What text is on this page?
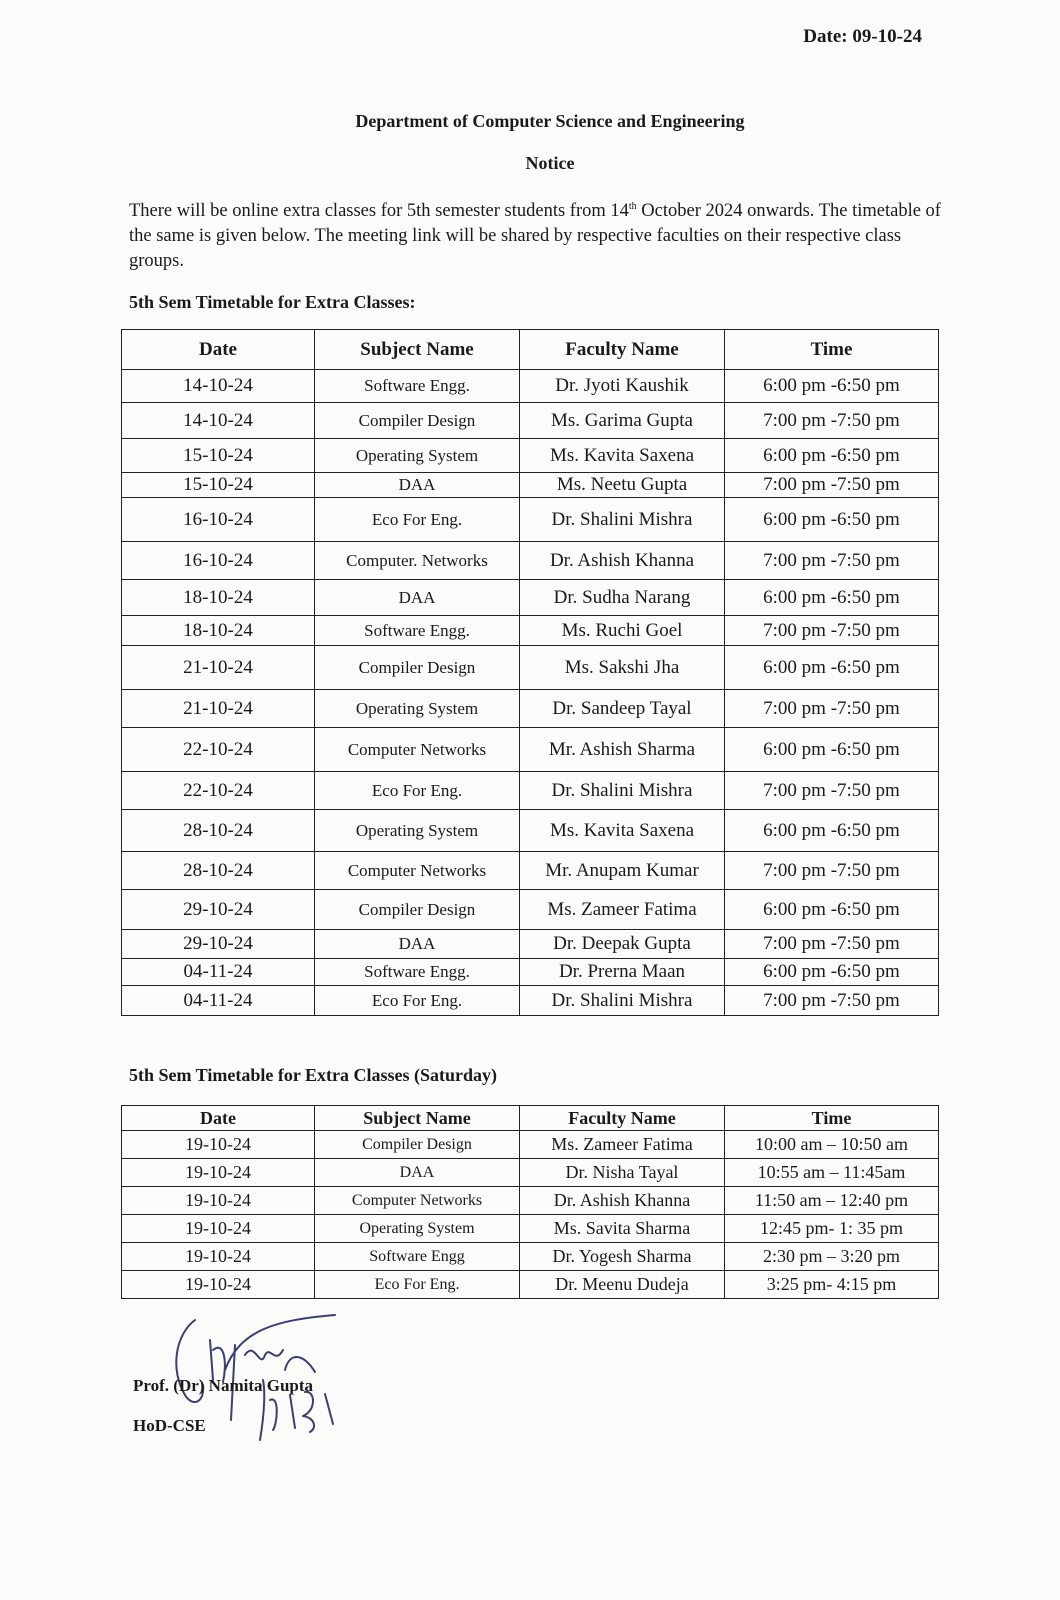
Date: 09-10-24
Department of Computer Science and Engineering
Notice
There will be online extra classes for 5th semester students from 14th October 2024 onwards. The timetable of the same is given below. The meeting link will be shared by respective faculties on their respective class groups.
5th Sem Timetable for Extra Classes:
Date	Subject Name	Faculty Name	Time
14-10-24	Software Engg.	Dr. Jyoti Kaushik	6:00 pm -6:50 pm
14-10-24	Compiler Design	Ms. Garima Gupta	7:00 pm -7:50 pm
15-10-24	Operating System	Ms. Kavita Saxena	6:00 pm -6:50 pm
15-10-24	DAA	Ms. Neetu Gupta	7:00 pm -7:50 pm
16-10-24	Eco For Eng.	Dr. Shalini Mishra	6:00 pm -6:50 pm
16-10-24	Computer. Networks	Dr. Ashish Khanna	7:00 pm -7:50 pm
18-10-24	DAA	Dr. Sudha Narang	6:00 pm -6:50 pm
18-10-24	Software Engg.	Ms. Ruchi Goel	7:00 pm -7:50 pm
21-10-24	Compiler Design	Ms. Sakshi Jha	6:00 pm -6:50 pm
21-10-24	Operating System	Dr. Sandeep Tayal	7:00 pm -7:50 pm
22-10-24	Computer Networks	Mr. Ashish Sharma	6:00 pm -6:50 pm
22-10-24	Eco For Eng.	Dr. Shalini Mishra	7:00 pm -7:50 pm
28-10-24	Operating System	Ms. Kavita Saxena	6:00 pm -6:50 pm
28-10-24	Computer Networks	Mr. Anupam Kumar	7:00 pm -7:50 pm
29-10-24	Compiler Design	Ms. Zameer Fatima	6:00 pm -6:50 pm
29-10-24	DAA	Dr. Deepak Gupta	7:00 pm -7:50 pm
04-11-24	Software Engg.	Dr. Prerna Maan	6:00 pm -6:50 pm
04-11-24	Eco For Eng.	Dr. Shalini Mishra	7:00 pm -7:50 pm
5th Sem Timetable for Extra Classes (Saturday)
Date	Subject Name	Faculty Name	Time
19-10-24	Compiler Design	Ms. Zameer Fatima	10:00 am – 10:50 am
19-10-24	DAA	Dr. Nisha Tayal	10:55 am – 11:45am
19-10-24	Computer Networks	Dr. Ashish Khanna	11:50 am – 12:40 pm
19-10-24	Operating System	Ms. Savita Sharma	12:45 pm- 1: 35 pm
19-10-24	Software Engg	Dr. Yogesh Sharma	2:30 pm – 3:20 pm
19-10-24	Eco For Eng.	Dr. Meenu Dudeja	3:25 pm- 4:15 pm
Prof. (Dr) Namita Gupta
HoD-CSE
